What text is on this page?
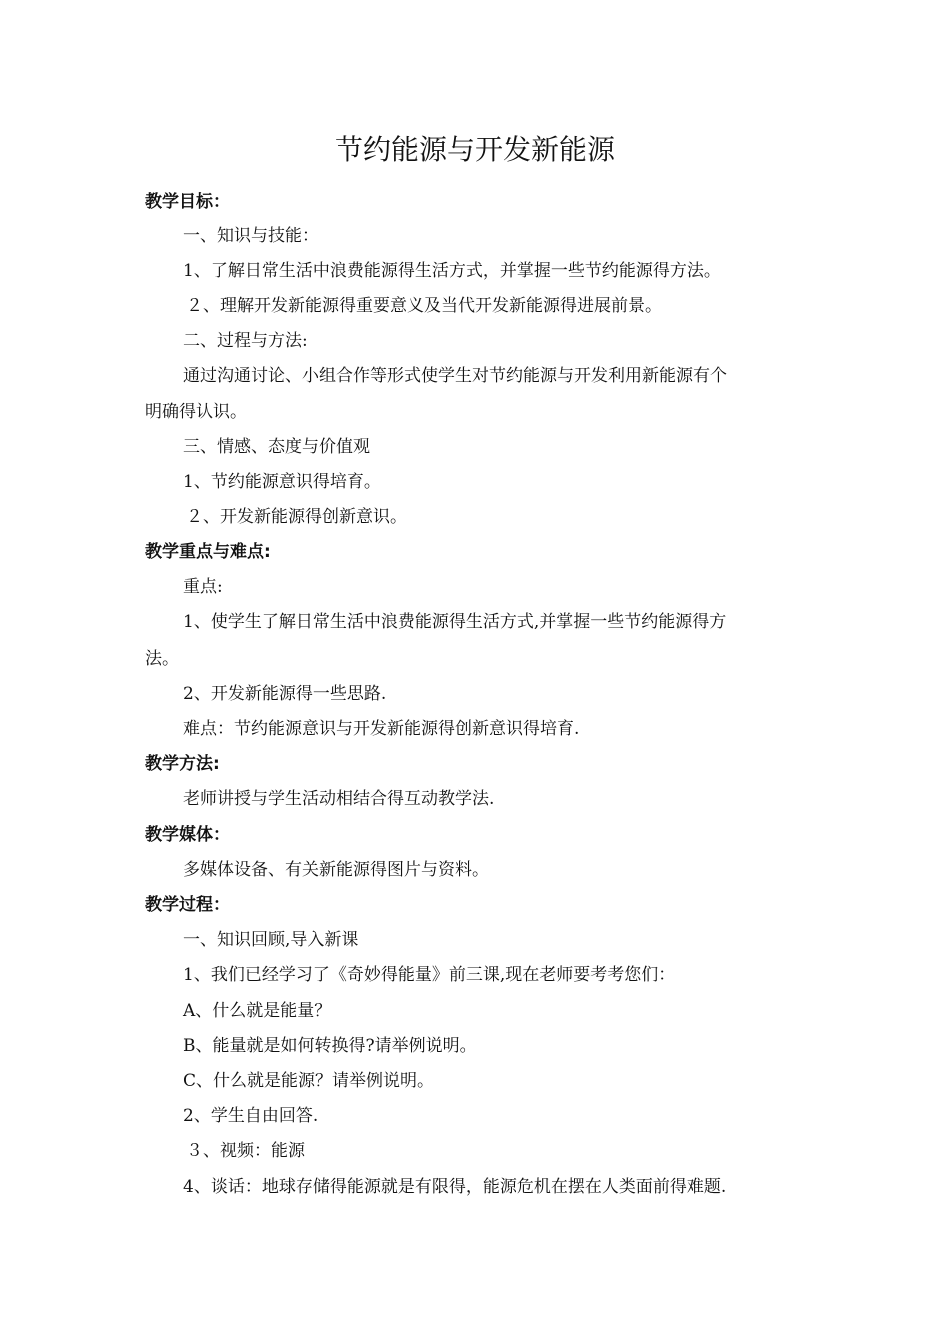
节约能源与开发新能源

教学目标：

一、知识与技能：

1、了解日常生活中浪费能源得生活方式，并掌握一些节约能源得方法。

２、理解开发新能源得重要意义及当代开发新能源得进展前景。

二、过程与方法:

通过沟通讨论、小组合作等形式使学生对节约能源与开发利用新能源有个

明确得认识。

三、情感、态度与价值观

1、节约能源意识得培育。

２、开发新能源得创新意识。

教学重点与难点:

重点:

1、使学生了解日常生活中浪费能源得生活方式,并掌握一些节约能源得方

法。

2、开发新能源得一些思路.

难点：节约能源意识与开发新能源得创新意识得培育.

教学方法:

老师讲授与学生活动相结合得互动教学法.

教学媒体：

多媒体设备、有关新能源得图片与资料。

教学过程：

一、知识回顾,导入新课

1、我们已经学习了《奇妙得能量》前三课,现在老师要考考您们：

A、什么就是能量？

B、能量就是如何转换得?请举例说明。

C、什么就是能源？请举例说明。

2、学生自由回答.

３、视频：能源

4、谈话：地球存储得能源就是有限得，能源危机在摆在人类面前得难题.
